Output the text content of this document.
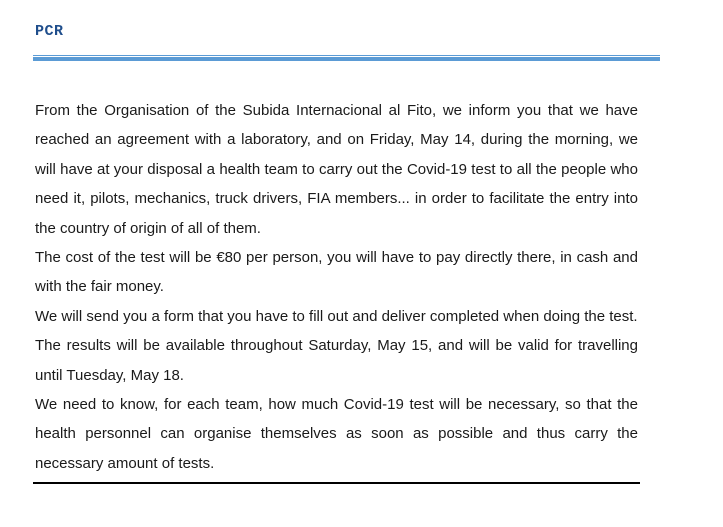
PCR

From the Organisation of the Subida Internacional al Fito, we inform you that we have reached an agreement with a laboratory, and on Friday, May 14, during the morning, we will have at your disposal a health team to carry out the Covid-19 test to all the people who need it, pilots, mechanics, truck drivers, FIA members... in order to facilitate the entry into the country of origin of all of them.

The cost of the test will be €80 per person, you will have to pay directly there, in cash and with the fair money.

We will send you a form that you have to fill out and deliver completed when doing the test.

The results will be available throughout Saturday, May 15, and will be valid for travelling until Tuesday, May 18.

We need to know, for each team, how much Covid-19 test will be necessary, so that the health personnel can organise themselves as soon as possible and thus carry the necessary amount of tests.
